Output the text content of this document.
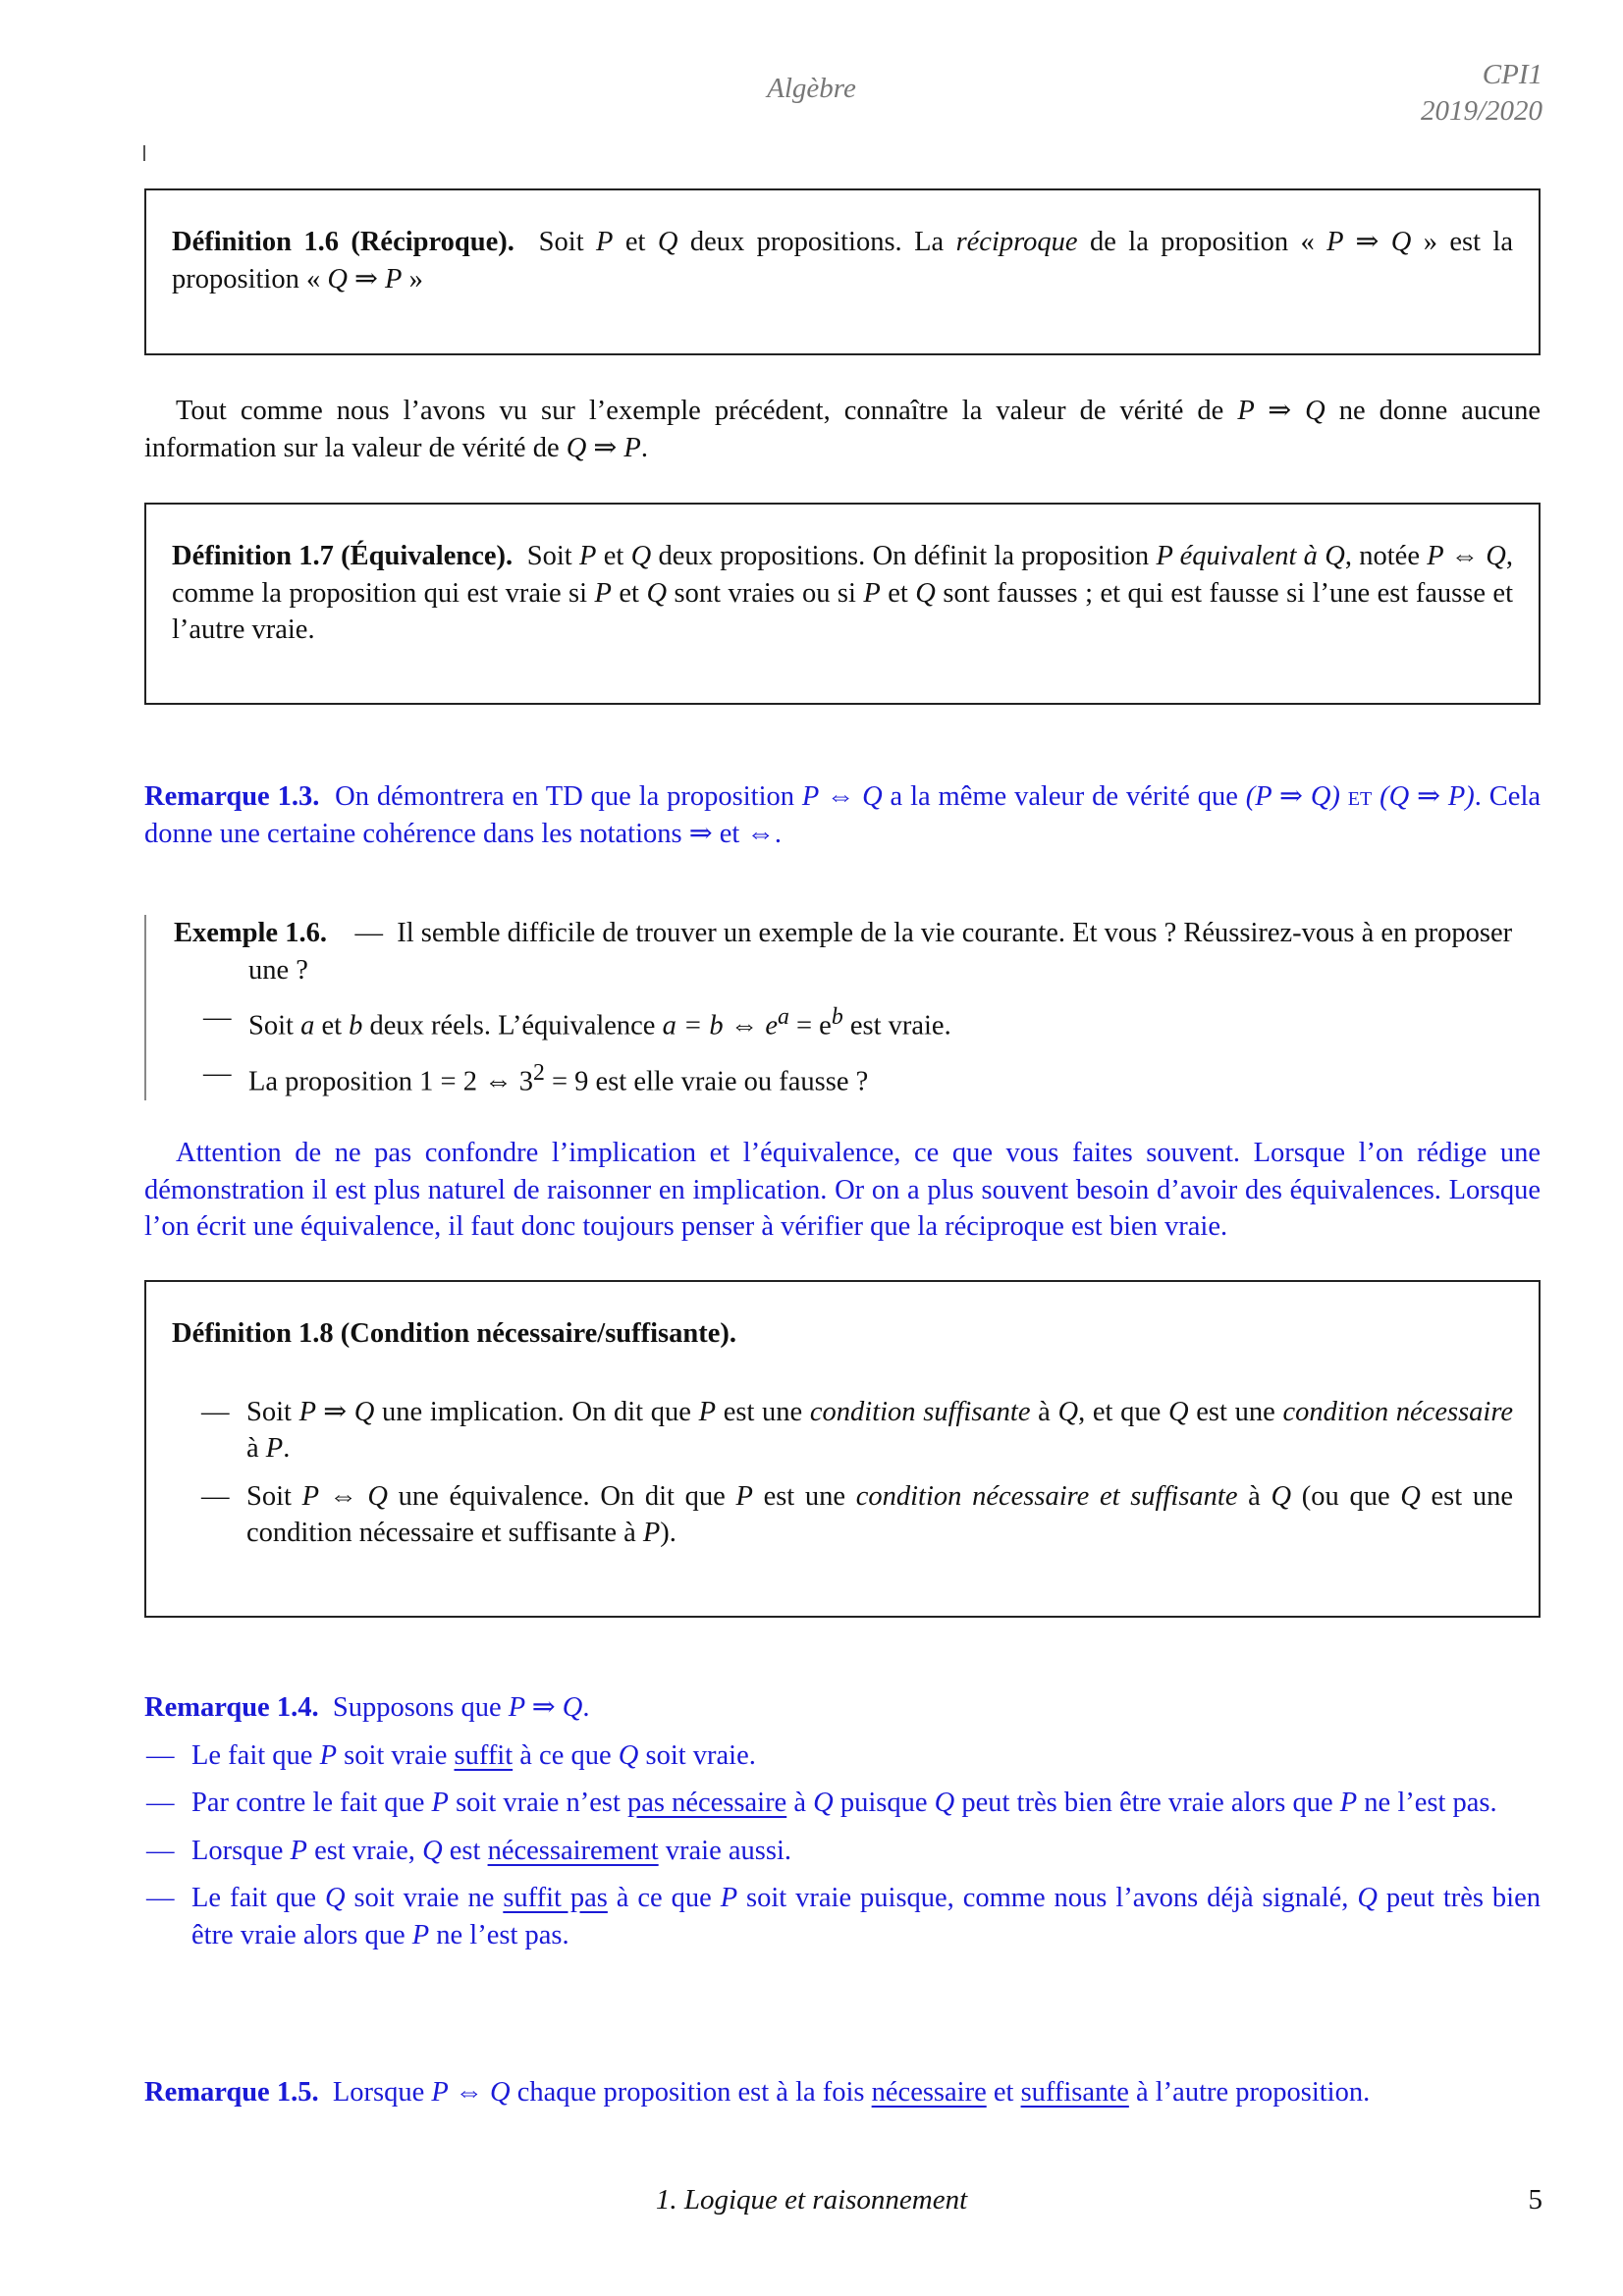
Algèbre	CPI1
2019/2020
Définition 1.6 (Réciproque). Soit P et Q deux propositions. La réciproque de la proposition « P ⇒ Q » est la proposition « Q ⇒ P »
Tout comme nous l’avons vu sur l’exemple précédent, connaître la valeur de vérité de P ⇒ Q ne donne aucune information sur la valeur de vérité de Q ⇒ P.
Définition 1.7 (Équivalence). Soit P et Q deux propositions. On définit la proposition P équivalent à Q, notée P ⇔ Q, comme la proposition qui est vraie si P et Q sont vraies ou si P et Q sont fausses ; et qui est fausse si l’une est fausse et l’autre vraie.
Remarque 1.3. On démontrera en TD que la proposition P ⇔ Q a la même valeur de vérité que (P ⇒ Q) et (Q ⇒ P). Cela donne une certaine cohérence dans les notations ⇒ et ⇔.
Exemple 1.6. — Il semble difficile de trouver un exemple de la vie courante. Et vous ? Réussirez-vous à en proposer une ?
— Soit a et b deux réels. L’équivalence a = b ⇔ $e^a = e^b$ est vraie.
— La proposition 1 = 2 ⇔ $3^2 = 9$ est elle vraie ou fausse ?
Attention de ne pas confondre l’implication et l’équivalence, ce que vous faites souvent. Lorsque l’on rédige une démonstration il est plus naturel de raisonner en implication. Or on a plus souvent besoin d’avoir des équivalences. Lorsque l’on écrit une équivalence, il faut donc toujours penser à vérifier que la réciproque est bien vraie.
Définition 1.8 (Condition nécessaire/suffisante).
— Soit P ⇒ Q une implication. On dit que P est une condition suffisante à Q, et que Q est une condition nécessaire à P.
— Soit P ⇔ Q une équivalence. On dit que P est une condition nécessaire et suffisante à Q (ou que Q est une condition nécessaire et suffisante à P).
Remarque 1.4. Supposons que P ⇒ Q.
— Le fait que P soit vraie suffit à ce que Q soit vraie.
— Par contre le fait que P soit vraie n’est pas nécessaire à Q puisque Q peut très bien être vraie alors que P ne l’est pas.
— Lorsque P est vraie, Q est nécessairement vraie aussi.
— Le fait que Q soit vraie ne suffit pas à ce que P soit vraie puisque, comme nous l’avons déjà signalé, Q peut très bien être vraie alors que P ne l’est pas.
Remarque 1.5. Lorsque P ⇔ Q chaque proposition est à la fois nécessaire et suffisante à l’autre proposition.
1. Logique et raisonnement	5
